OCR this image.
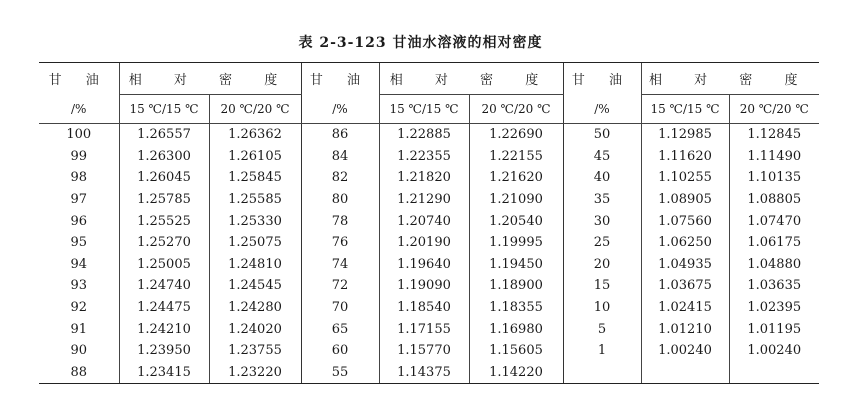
表 2-3-123 甘油水溶液的相对密度
甘 油	相 对 密 度		甘 油	相 对 密 度		甘 油	相 对 密 度	
/%	15 ℃/15 ℃	20 ℃/20 ℃	/%	15 ℃/15 ℃	20 ℃/20 ℃	/%	15 ℃/15 ℃	20 ℃/20 ℃
100	1.26557	1.26362	86	1.22885	1.22690	50	1.12985	1.12845
99	1.26300	1.26105	84	1.22355	1.22155	45	1.11620	1.11490
98	1.26045	1.25845	82	1.21820	1.21620	40	1.10255	1.10135
97	1.25785	1.25585	80	1.21290	1.21090	35	1.08905	1.08805
96	1.25525	1.25330	78	1.20740	1.20540	30	1.07560	1.07470
95	1.25270	1.25075	76	1.20190	1.19995	25	1.06250	1.06175
94	1.25005	1.24810	74	1.19640	1.19450	20	1.04935	1.04880
93	1.24740	1.24545	72	1.19090	1.18900	15	1.03675	1.03635
92	1.24475	1.24280	70	1.18540	1.18355	10	1.02415	1.02395
91	1.24210	1.24020	65	1.17155	1.16980	5	1.01210	1.01195
90	1.23950	1.23755	60	1.15770	1.15605	1	1.00240	1.00240
88	1.23415	1.23220	55	1.14375	1.14220			
